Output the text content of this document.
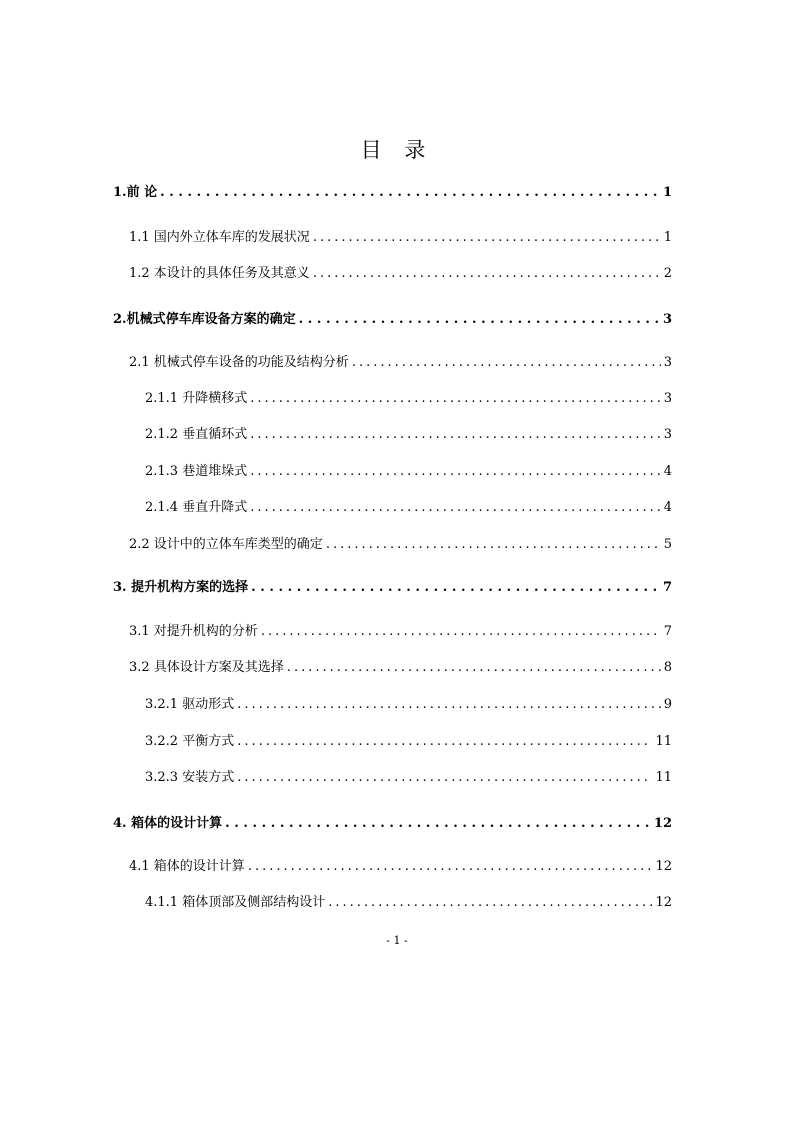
目 录
1.前 论 .....	1
1.1 国内外立体车库的发展状况 .....	1
1.2 本设计的具体任务及其意义 .....	2
2.机械式停车库设备方案的确定 .....	3
2.1 机械式停车设备的功能及结构分析 .....	3
2.1.1 升降横移式 .....	3
2.1.2 垂直循环式 .....	3
2.1.3 巷道堆垛式 .....	4
2.1.4 垂直升降式 .....	4
2.2 设计中的立体车库类型的确定 .....	5
3. 提升机构方案的选择 .....	7
3.1 对提升机构的分析 .....	7
3.2 具体设计方案及其选择 .....	8
3.2.1 驱动形式 .....	9
3.2.2 平衡方式 .....	11
3.2.3 安装方式 .....	11
4. 箱体的设计计算 .....	12
4.1 箱体的设计计算 .....	12
4.1.1 箱体顶部及侧部结构设计 .....	12
- 1 -
